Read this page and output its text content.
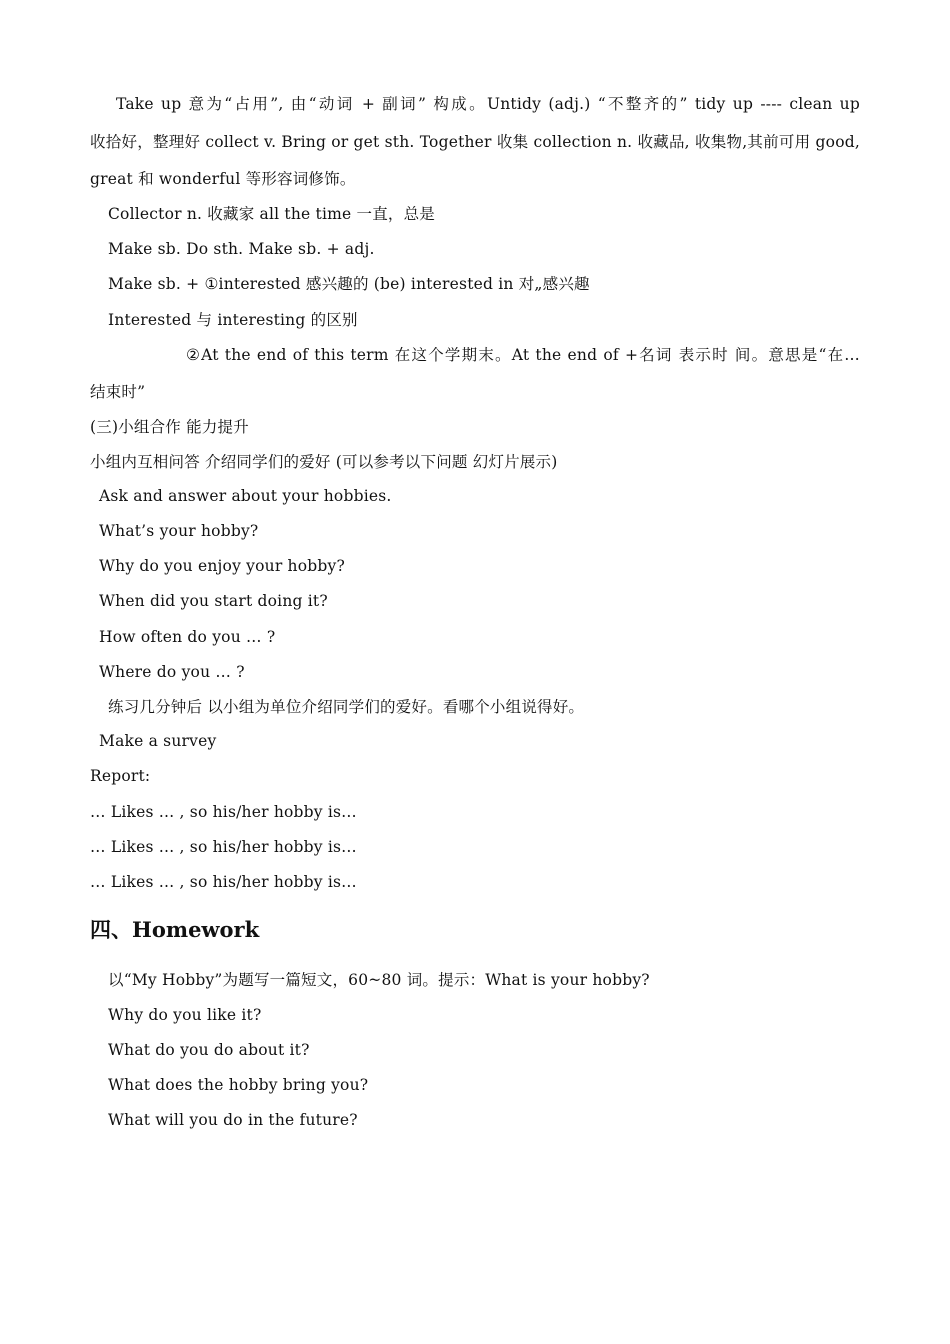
Take up 意为“占用”, 由“动词 + 副词” 构成。Untidy (adj.) “不整齐的” tidy up ---- clean up
收拾好，整理好 collect v. Bring or get sth. Together 收集 collection n. 收藏品, 收集物,其前可用 good,
great 和 wonderful 等形容词修饰。
Collector n. 收藏家 all the time 一直，总是
Make sb. Do sth. Make sb. + adj.
Make sb. + ①interested 感兴趣的 (be) interested in 对„感兴趣
Interested 与 interesting 的区别
②At the end of this term 在这个学期末。At the end of +名词 表示时 间。意思是“在…
结束时”
(三)小组合作 能力提升
小组内互相问答 介绍同学们的爱好 (可以参考以下问题 幻灯片展示)
Ask and answer about your hobbies.
What’s your hobby?
Why do you enjoy your hobby?
When did you start doing it?
How often do you … ?
Where do you … ?
练习几分钟后 以小组为单位介绍同学们的爱好。看哪个小组说得好。
Make a survey
Report:
… Likes … , so his/her hobby is…
… Likes … , so his/her hobby is…
… Likes … , so his/her hobby is…
四、Homework
以“My Hobby”为题写一篇短文，60~80 词。提示：What is your hobby?
Why do you like it?
What do you do about it?
What does the hobby bring you?
What will you do in the future?
